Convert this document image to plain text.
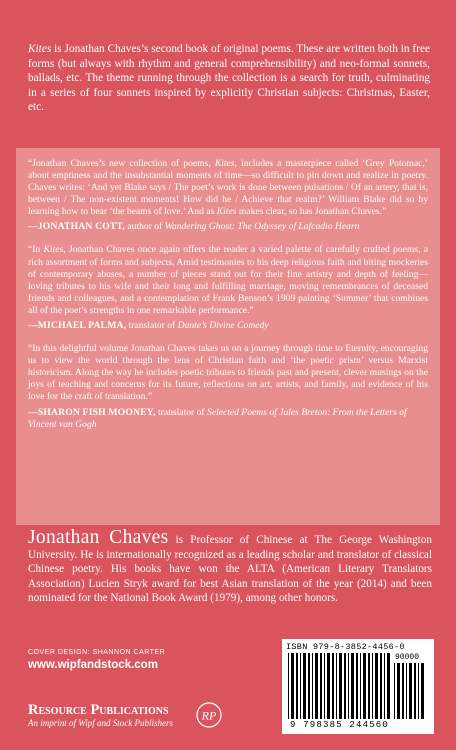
Kites is Jonathan Chaves’s second book of original poems. These are written both in free forms (but always with rhythm and general comprehensibility) and neo-formal sonnets, ballads, etc. The theme running through the collection is a search for truth, culminating in a series of four sonnets inspired by explicitly Christian subjects: Christmas, Easter, etc.

“Jonathan Chaves’s new collection of poems, Kites, includes a masterpiece called ‘Grey Potomac,’ about emptiness and the insubstantial moments of time—so difficult to pin down and realize in poetry. Chaves writes: ‘And yet Blake says / The poet’s work is done between pulsations / Of an artery, that is, between / The non-existent moments! How did he / Achieve that realm?’ William Blake did so by learning how to bear ‘the beams of love.’ And as Kites makes clear, so has Jonathan Chaves.”

—JONATHAN COTT, author of Wandering Ghost: The Odyssey of Lafcadio Hearn

“In Kites, Jonathan Chaves once again offers the reader a varied palette of carefully crafted poems, a rich assortment of forms and subjects. Amid testimonies to his deep religious faith and biting mockeries of contemporary abuses, a number of pieces stand out for their fine artistry and depth of feeling—loving tributes to his wife and their long and fulfilling marriage, moving remembrances of deceased friends and colleagues, and a contemplation of Frank Benson’s 1909 painting ‘Summer’ that combines all of the poet’s strengths in one remarkable performance.”

—MICHAEL PALMA, translator of Dante’s Divine Comedy

“In this delightful volume Jonathan Chaves takes us on a journey through time to Eternity, encouraging us to view the world through the lens of Christian faith and ‘the poetic prism’ versus Marxist historicism. Along the way he includes poetic tributes to friends past and present, clever musings on the joys of teaching and concerns for its future, reflections on art, artists, and family, and evidence of his love for the craft of translation.”

—SHARON FISH MOONEY, translator of Selected Poems of Jules Breton: From the Letters of Vincent van Gogh

Jonathan Chaves is Professor of Chinese at The George Washington University. He is internationally recognized as a leading scholar and translator of classical Chinese poetry. His books have won the ALTA (American Literary Translators Association) Lucien Stryk award for best Asian translation of the year (2014) and been nominated for the National Book Award (1979), among other honors.
COVER DESIGN: SHANNON CARTER
www.wipfandstock.com
Resource Publications
An imprint of Wipf and Stock Publishers
RP
ISBN 979-8-3852-4456-0
90000
9 798385 244560
